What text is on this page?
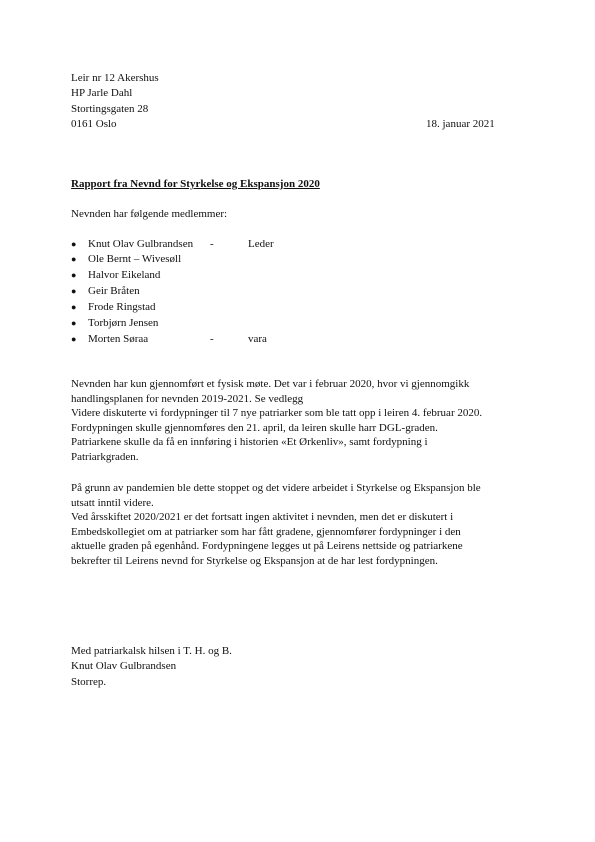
Leir nr 12 Akershus
HP Jarle Dahl
Stortingsgaten 28
0161 Oslo	18. januar 2021
Rapport fra Nevnd for Styrkelse og Ekspansjon 2020
Nevnden har følgende medlemmer:
● Knut Olav Gulbrandsen -	Leder
● Ole Bernt – Wivesøll
● Halvor Eikeland
● Geir Bråten
● Frode Ringstad
● Torbjørn Jensen
● Morten Søraa	-	vara
Nevnden har kun gjennomført et fysisk møte. Det var i februar 2020, hvor vi gjennomgikk
handlingsplanen for nevnden 2019-2021. Se vedlegg
Videre diskuterte vi fordypninger til 7 nye patriarker som ble tatt opp i leiren 4. februar 2020.
Fordypningen skulle gjennomføres den 21. april, da leiren skulle harr DGL-graden.
Patriarkene skulle da få en innføring i historien «Et Ørkenliv», samt fordypning i
Patriarkgraden.
På grunn av pandemien ble dette stoppet og det videre arbeidet i Styrkelse og Ekspansjon ble
utsatt inntil videre.
Ved årsskiftet 2020/2021 er det fortsatt ingen aktivitet i nevnden, men det er diskutert i
Embedskollegiet om at patriarker som har fått gradene, gjennomfører fordypninger i den
aktuelle graden på egenhånd. Fordypningene legges ut på Leirens nettside og patriarkene
bekrefter til Leirens nevnd for Styrkelse og Ekspansjon at de har lest fordypningen.
Med patriarkalsk hilsen i T. H. og B.
Knut Olav Gulbrandsen
Storrep.
